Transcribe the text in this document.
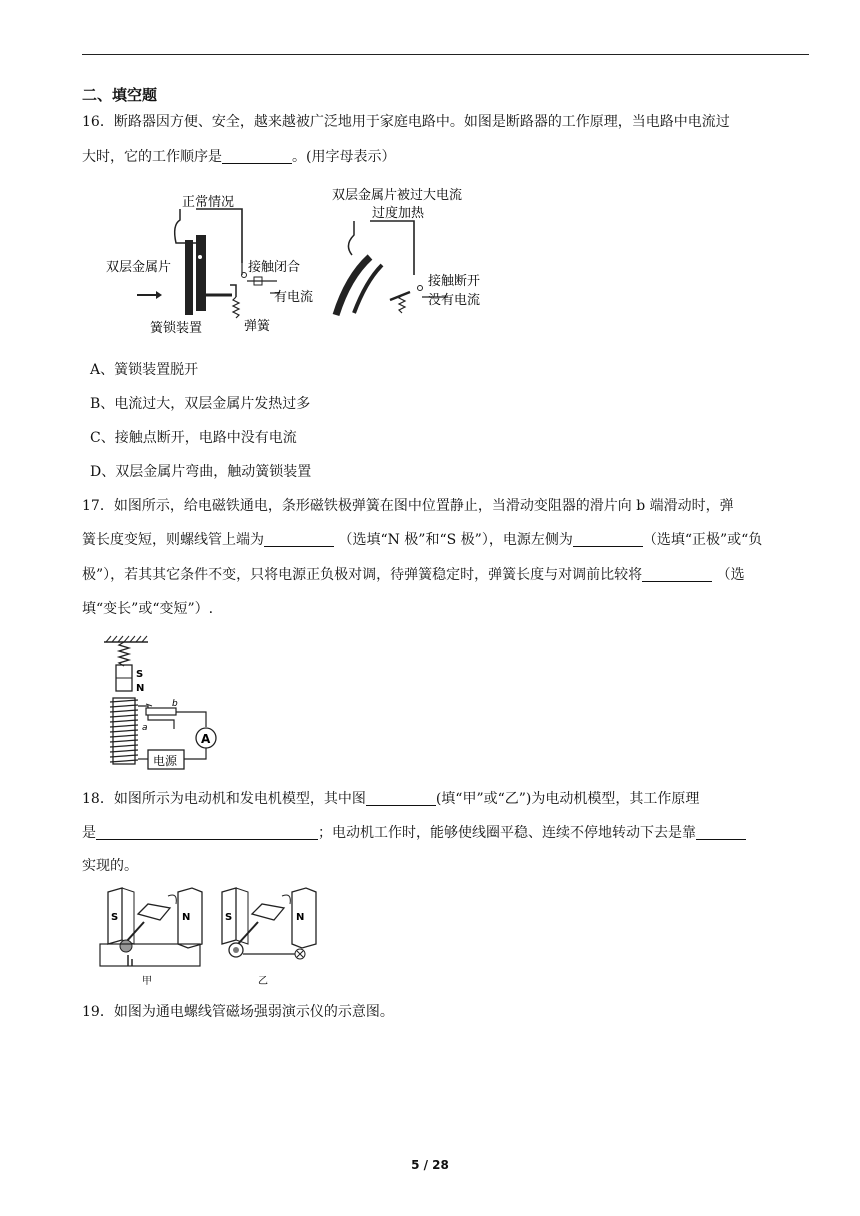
二、填空题
16．断路器因方便、安全，越来越被广泛地用于家庭电路中。如图是断路器的工作原理，当电路中电流过
大时，它的工作顺序是	。(用字母表示）
正常情况
双层金属片	接触闭合
有电流
簧锁装置	弹簧
双层金属片被过大电流
过度加热
接触断开
没有电流
A、簧锁装置脱开
B、电流过大，双层金属片发热过多
C、接触点断开，电路中没有电流
D、双层金属片弯曲，触动簧锁装置
17．如图所示，给电磁铁通电，条形磁铁极弹簧在图中位置静止，当滑动变阻器的滑片向 b 端滑动时，弹
簧长度变短，则螺线管上端为	（选填“N 极”和“S 极”），电源左侧为	（选填“正极”或“负
极”），若其其它条件不变，只将电源正负极对调，待弹簧稳定时，弹簧长度与对调前比较将	（选
填“变长”或“变短”）.
S
N
a
b
A
电源
18．如图所示为电动机和发电机模型，其中图	(填“甲”或“乙”)为电动机模型，其工作原理
是	；电动机工作时，能够使线圈平稳、连续不停地转动下去是靠
实现的。
S	N
甲
S	N
乙
19．如图为通电螺线管磁场强弱演示仪的示意图。
5 / 28
